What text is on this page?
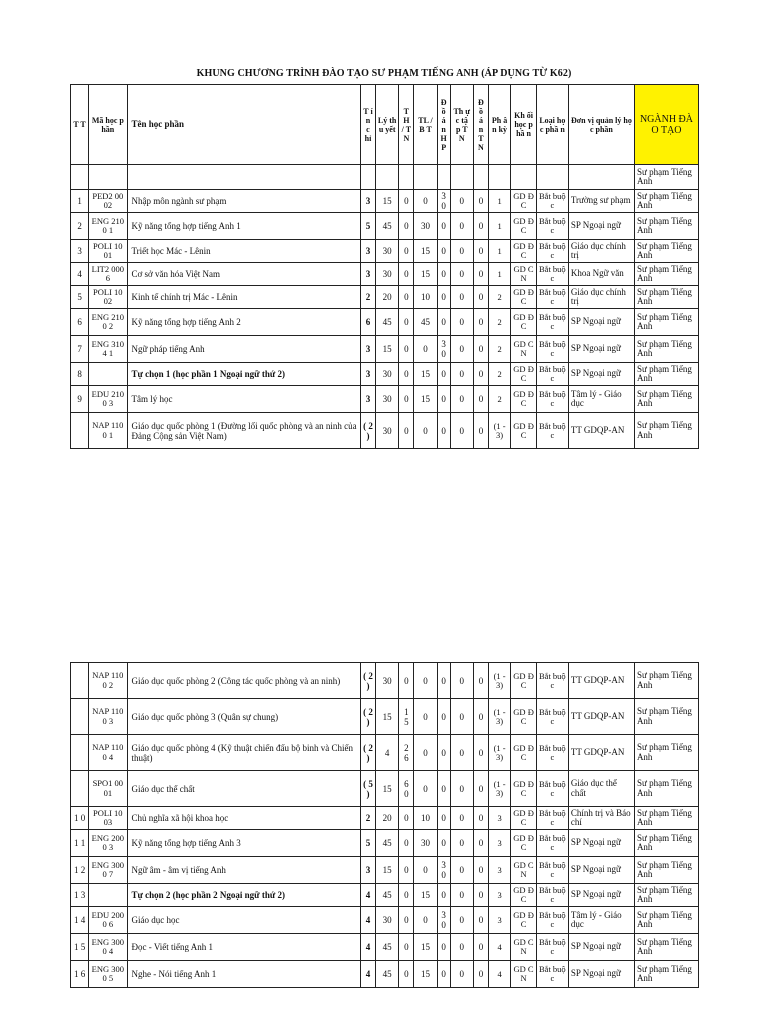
KHUNG CHƯƠNG TRÌNH ĐÀO TẠO SƯ PHẠM TIẾNG ANH (ÁP DỤNG TỪ K62)
T T	Mã học phần	Tên học phần	T ín c hỉ	Lý thu yết	T H / T N	TL /B T	Đ ồ á n H P	Th ực tậ p T N	Đ ồ á n T N	Ph ân kỳ	Kh ối học phầ n	Loại học phầ n	Đơn vị quản lý học phần	NGÀNH ĐÀO TẠO
														Sư phạm Tiếng Anh
1	PED2 0002	Nhập môn ngành sư phạm	3	15	0	0	3 0	0	0	1	GD ĐC	Bắt buộc	Trường sư phạm	Sư phạm Tiếng Anh
2	ENG 2100 1	Kỹ năng tổng hợp tiếng Anh 1	5	45	0	30	0	0	0	1	GD ĐC	Bắt buộc	SP Ngoại ngữ	Sư phạm Tiếng Anh
3	POLI 1001	Triết học Mác - Lênin	3	30	0	15	0	0	0	1	GD ĐC	Bắt buộc	Giáo dục chính trị	Sư phạm Tiếng Anh
4	LIT2 0006	Cơ sở văn hóa Việt Nam	3	30	0	15	0	0	0	1	GD CN	Bắt buộc	Khoa Ngữ văn	Sư phạm Tiếng Anh
5	POLI 1002	Kinh tế chính trị Mác - Lênin	2	20	0	10	0	0	0	2	GD ĐC	Bắt buộc	Giáo dục chính trị	Sư phạm Tiếng Anh
6	ENG 2100 2	Kỹ năng tổng hợp tiếng Anh 2	6	45	0	45	0	0	0	2	GD ĐC	Bắt buộc	SP Ngoại ngữ	Sư phạm Tiếng Anh
7	ENG 3104 1	Ngữ pháp tiếng Anh	3	15	0	0	3 0	0	0	2	GD CN	Bắt buộc	SP Ngoại ngữ	Sư phạm Tiếng Anh
8		Tự chọn 1 (học phần 1 Ngoại ngữ thứ 2)	3	30	0	15	0	0	0	2	GD ĐC	Bắt buộc	SP Ngoại ngữ	Sư phạm Tiếng Anh
9	EDU 2100 3	Tâm lý học	3	30	0	15	0	0	0	2	GD ĐC	Bắt buộc	Tâm lý - Giáo dục	Sư phạm Tiếng Anh
	NAP 1100 1	Giáo dục quốc phòng 1 (Đường lối quốc phòng và an ninh của Đảng Cộng sản Việt Nam)	( 2 )	30	0	0	0	0	0	(1 - 3)	GD ĐC	Bắt buộc	TT GDQP-AN	Sư phạm Tiếng Anh
	NAP 1100 2	Giáo dục quốc phòng 2 (Công tác quốc phòng và an ninh)	( 2 )	30	0	0	0	0	0	(1 - 3)	GD ĐC	Bắt buộc	TT GDQP-AN	Sư phạm Tiếng Anh
	NAP 1100 3	Giáo dục quốc phòng 3 (Quân sự chung)	( 2 )	15	1 5	0	0	0	0	(1 - 3)	GD ĐC	Bắt buộc	TT GDQP-AN	Sư phạm Tiếng Anh
	NAP 1100 4	Giáo dục quốc phòng 4 (Kỹ thuật chiến đấu bộ binh và Chiến thuật)	( 2 )	4	2 6	0	0	0	0	(1 - 3)	GD ĐC	Bắt buộc	TT GDQP-AN	Sư phạm Tiếng Anh
	SPO1 0001	Giáo dục thể chất	( 5 )	15	6 0	0	0	0	0	(1 - 3)	GD ĐC	Bắt buộc	Giáo dục thể chất	Sư phạm Tiếng Anh
1 0	POLI 1003	Chủ nghĩa xã hội khoa học	2	20	0	10	0	0	0	3	GD ĐC	Bắt buộc	Chính trị và Báo chí	Sư phạm Tiếng Anh
1 1	ENG 2000 3	Kỹ năng tổng hợp tiếng Anh 3	5	45	0	30	0	0	0	3	GD ĐC	Bắt buộc	SP Ngoại ngữ	Sư phạm Tiếng Anh
1 2	ENG 3000 7	Ngữ âm - âm vị tiếng Anh	3	15	0	0	3 0	0	0	3	GD CN	Bắt buộc	SP Ngoại ngữ	Sư phạm Tiếng Anh
1 3		Tự chọn 2 (học phần 2 Ngoại ngữ thứ 2)	4	45	0	15	0	0	0	3	GD ĐC	Bắt buộc	SP Ngoại ngữ	Sư phạm Tiếng Anh
1 4	EDU 2000 6	Giáo dục học	4	30	0	0	3 0	0	0	3	GD ĐC	Bắt buộc	Tâm lý - Giáo dục	Sư phạm Tiếng Anh
1 5	ENG 3000 4	Đọc - Viết tiếng Anh 1	4	45	0	15	0	0	0	4	GD CN	Bắt buộc	SP Ngoại ngữ	Sư phạm Tiếng Anh
1 6	ENG 3000 5	Nghe - Nói tiếng Anh 1	4	45	0	15	0	0	0	4	GD CN	Bắt buộc	SP Ngoại ngữ	Sư phạm Tiếng Anh
